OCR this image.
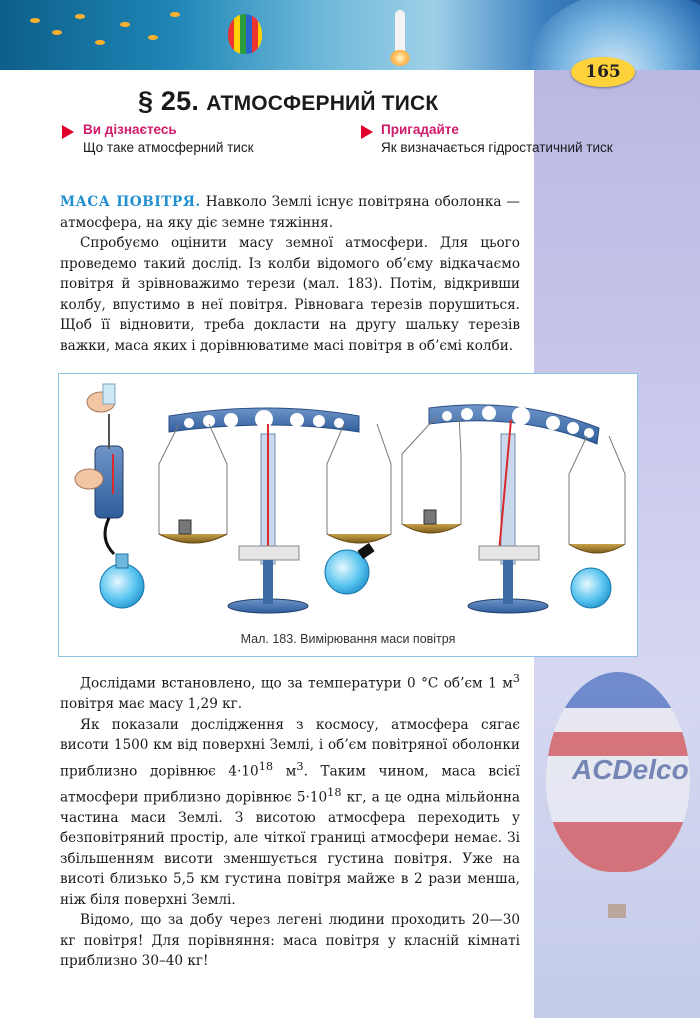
ACDelco
165
§ 25. АТМОСФЕРНИЙ ТИСК
Ви дізнаєтесь
Що таке атмосферний тиск
Пригадайте
Як визначається гідростатичний тиск

МАСА ПОВІТРЯ. Навколо Землі існує повітряна оболонка — атмосфера, на яку діє земне тяжіння.

Спробуємо оцінити масу земної атмосфери. Для цього проведемо такий дослід. Із колби відомого об’єму відкачаємо повітря й зрівноважимо терези (мал. 183). Потім, відкривши колбу, впустимо в неї повітря. Рівновага терезів порушиться. Щоб її відновити, треба докласти на другу шальку терезів важки, маса яких і дорівнюватиме масі повітря в об’ємі колби.

Мал. 183. Вимірювання маси повітря

Дослідами встановлено, що за температури 0 °C об’єм 1 $м^3$ повітря має масу 1,29 кг.

Як показали дослідження з космосу, атмосфера сягає висоти 1500 км від поверхні Землі, і об’єм повітряної оболонки приблизно дорівнює $4\cdot 10^{18}$ $м^3$. Таким чином, маса всієї атмосфери приблизно дорівнює $5\cdot 10^{18}$ кг, а це одна мільйонна частина маси Землі. З висотою атмосфера переходить у безповітряний простір, але чіткої границі атмосфери немає. Зі збільшенням висоти зменшується густина повітря. Уже на висоті близько 5,5 км густина повітря майже в 2 рази менша, ніж біля поверхні Землі.

Відомо, що за добу через легені людини проходить 20—30 кг повітря! Для порівняння: маса повітря у класній кімнаті приблизно 30–40 кг!
